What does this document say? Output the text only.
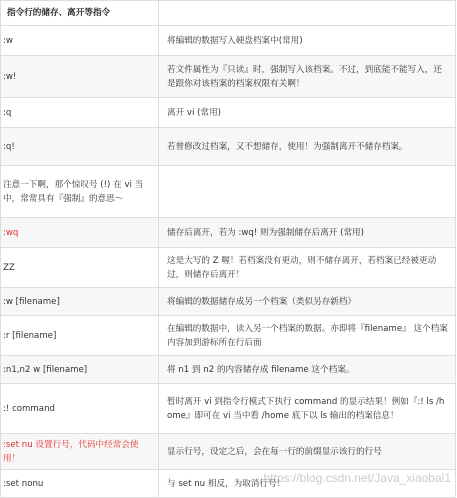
指令行的储存、离开等指令	
:w	将编辑的数据写入硬盘档案中(常用)
:w!	若文件属性为『只读』时，强制写入该档案。不过，到底能不能写入，还是跟你对该档案的档案权限有关啊！
:q	离开 vi (常用)
:q!	若曾修改过档案，又不想储存，使用！为强制离开不储存档案。
注意一下啊，那个惊叹号 (!) 在 vi 当中，常常具有『强制』的意思～	
:wq	储存后离开，若为 :wq! 则为强制储存后离开 (常用)
ZZ	这是大写的 Z 喔！若档案没有更动，则不储存离开，若档案已经被更动过，则储存后离开！
:w [filename]	将编辑的数据储存成另一个档案（类似另存新档）
:r [filename]	在编辑的数据中，读入另一个档案的数据。亦即将『filename』 这个档案内容加到游标所在行后面
:n1,n2 w [filename]	将 n1 到 n2 的内容储存成 filename 这个档案。
:! command	暂时离开 vi 到指令行模式下执行 command 的显示结果！例如『:! ls /home』即可在 vi 当中看 /home 底下以 ls 输出的档案信息！
:set nu 设置行号，代码中经常会使用！	显示行号，设定之后，会在每一行的前缀显示该行的行号
:set nonu	与 set nu 相反，为取消行号！
https://blog.csdn.net/Java_xiaobai1
